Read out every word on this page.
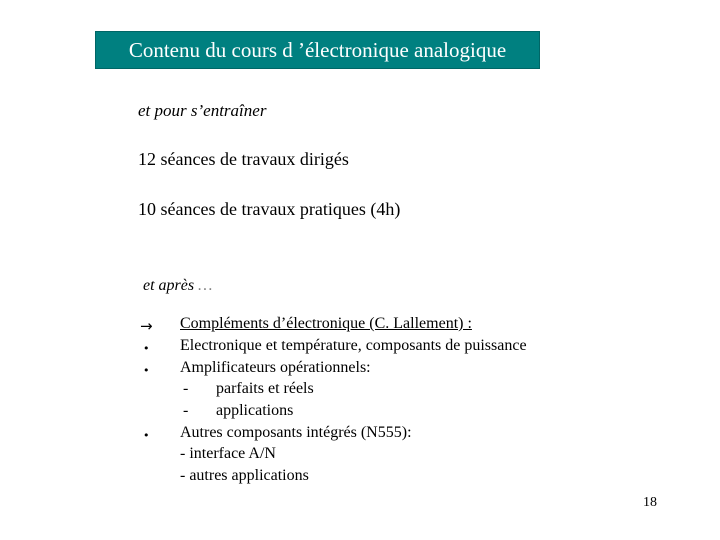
Contenu du cours d ’électronique analogique
et pour s’entraîner
12 séances de travaux dirigés
10 séances de travaux pratiques (4h)
et après …
→ Compléments d’électronique (C. Lallement) :
• Electronique et température, composants de puissance
• Amplificateurs opérationnels:
- parfaits et réels
- applications
• Autres composants intégrés (N555):
- interface A/N
- autres applications
18
